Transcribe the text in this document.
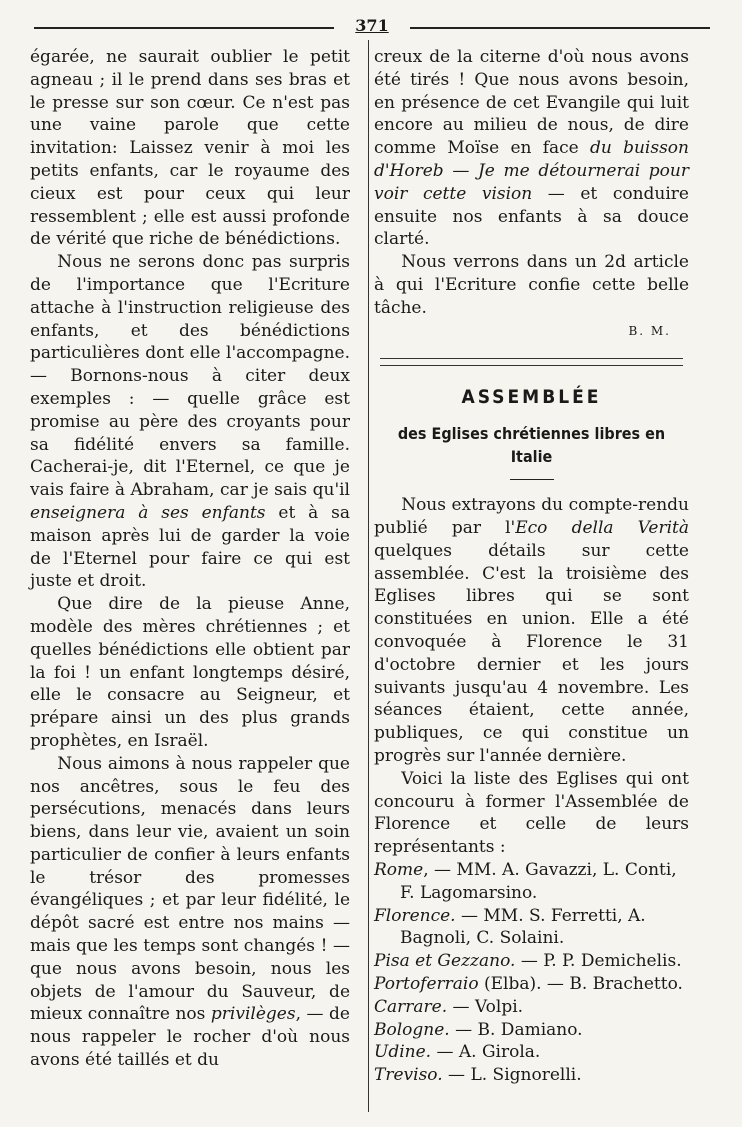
371

égarée, ne saurait oublier le petit agneau ; il le prend dans ses bras et le presse sur son cœur. Ce n'est pas une vaine parole que cette invitation: Laissez venir à moi les petits enfants, car le royaume des cieux est pour ceux qui leur ressemblent ; elle est aussi profonde de vérité que riche de bénédictions.

Nous ne serons donc pas surpris de l'importance que l'Ecriture attache à l'instruction religieuse des enfants, et des bénédictions particulières dont elle l'accompagne. — Bornons-nous à citer deux exemples : — quelle grâce est promise au père des croyants pour sa fidélité envers sa famille. Cacherai-je, dit l'Eternel, ce que je vais faire à Abraham, car je sais qu'il enseignera à ses enfants et à sa maison après lui de garder la voie de l'Eternel pour faire ce qui est juste et droit.

Que dire de la pieuse Anne, modèle des mères chrétiennes ; et quelles bénédictions elle obtient par la foi ! un enfant longtemps désiré, elle le consacre au Seigneur, et prépare ainsi un des plus grands prophètes, en Israël.

Nous aimons à nous rappeler que nos ancêtres, sous le feu des persécutions, menacés dans leurs biens, dans leur vie, avaient un soin particulier de confier à leurs enfants le trésor des promesses évangéliques ; et par leur fidélité, le dépôt sacré est entre nos mains — mais que les temps sont changés ! — que nous avons besoin, nous les objets de l'amour du Sauveur, de mieux connaître nos privilèges, — de nous rappeler le rocher d'où nous avons été taillés et du

creux de la citerne d'où nous avons été tirés ! Que nous avons besoin, en présence de cet Evangile qui luit encore au milieu de nous, de dire comme Moïse en face du buisson d'Horeb — Je me détournerai pour voir cette vision — et conduire ensuite nos enfants à sa douce clarté.

Nous verrons dans un 2d article à qui l'Ecriture confie cette belle tâche.

B. M.
ASSEMBLÉE
des Eglises chrétiennes libres en Italie

Nous extrayons du compte-rendu publié par l'Eco della Verità quelques détails sur cette assemblée. C'est la troisième des Eglises libres qui se sont constituées en union. Elle a été convoquée à Florence le 31 d'octobre dernier et les jours suivants jusqu'au 4 novembre. Les séances étaient, cette année, publiques, ce qui constitue un progrès sur l'année dernière.

Voici la liste des Eglises qui ont concouru à former l'Assemblée de Florence et celle de leurs représentants :

Rome, — MM. A. Gavazzi, L. Conti, F. Lagomarsino.

Florence. — MM. S. Ferretti, A. Bagnoli, C. Solaini.

Pisa et Gezzano. — P. P. Demichelis.

Portoferraio (Elba). — B. Brachetto.

Carrare. — Volpi.

Bologne. — B. Damiano.

Udine. — A. Girola.

Treviso. — L. Signorelli.
